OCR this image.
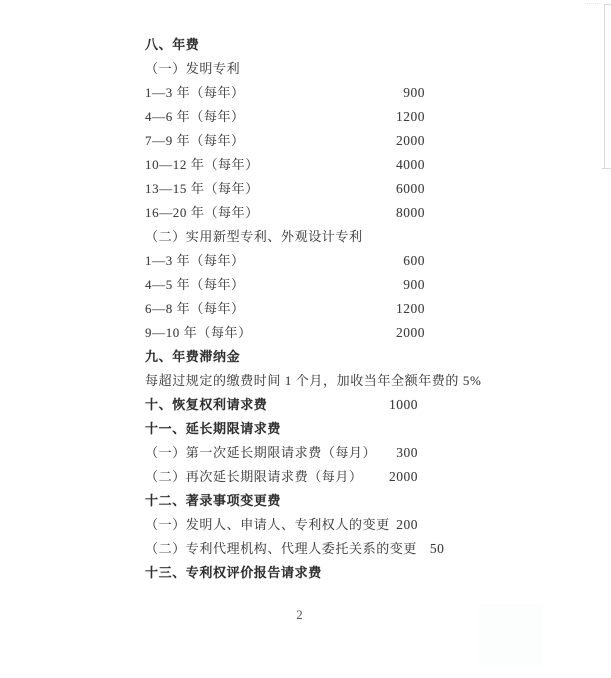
八、年费
（一）发明专利
1—3 年（每年）	900
4—6 年（每年）	1200
7—9 年（每年）	2000
10—12 年（每年）	4000
13—15 年（每年）	6000
16—20 年（每年）	8000
（二）实用新型专利、外观设计专利
1—3 年（每年）	600
4—5 年（每年）	900
6—8 年（每年）	1200
9—10 年（每年）	2000
九、年费滞纳金
每超过规定的缴费时间 1 个月，加收当年全额年费的 5%
十、恢复权利请求费	1000
十一、延长期限请求费
（一）第一次延长期限请求费（每月） 300
（二）再次延长期限请求费（每月） 2000
十二、著录事项变更费
（一）发明人、申请人、专利权人的变更 200
（二）专利代理机构、代理人委托关系的变更 50
十三、专利权评价报告请求费
2
